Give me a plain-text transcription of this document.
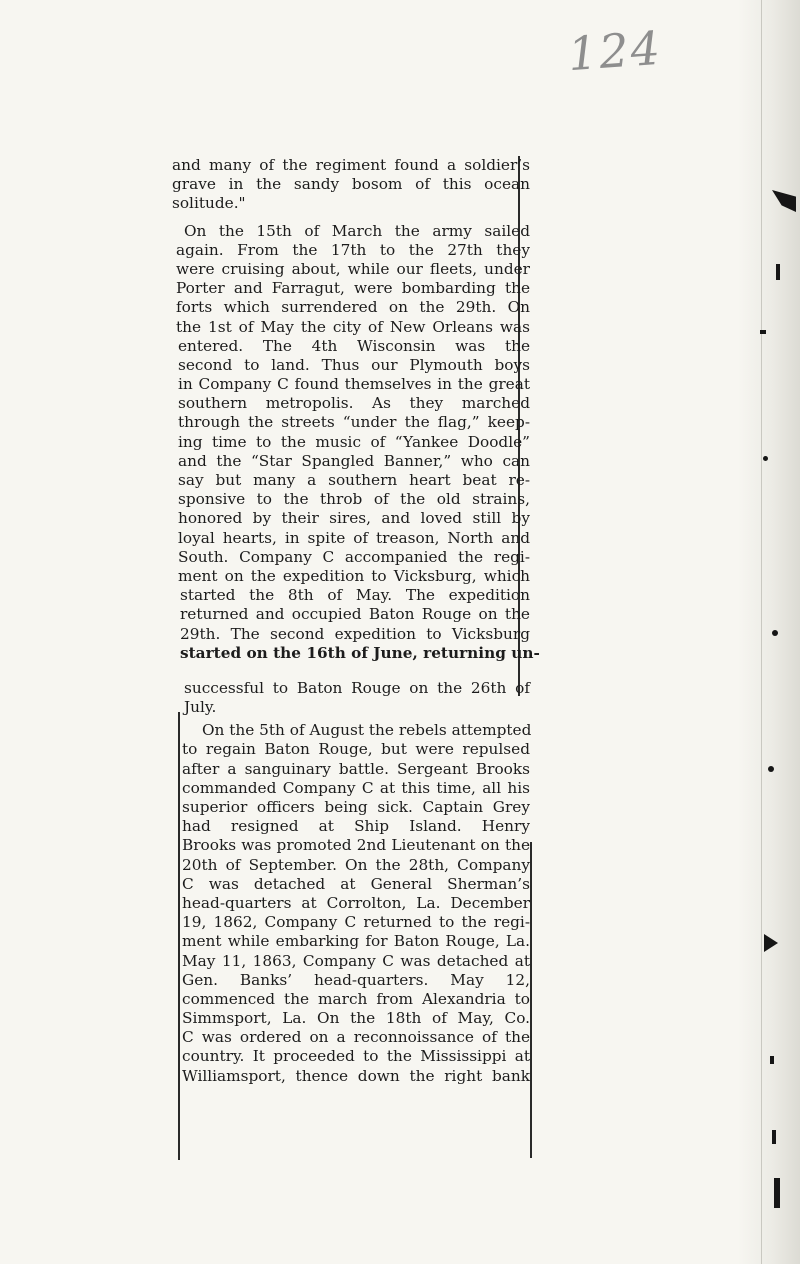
124
and many of the regiment found a soldier’s
grave in the sandy bosom of this ocean
solitude."
On the 15th of March the army sailed
again. From the 17th to the 27th they
were cruising about, while our fleets, under
Porter and Farragut, were bombarding the
forts which surrendered on the 29th. On
the 1st of May the city of New Orleans was
entered. The 4th Wisconsin was the
second to land. Thus our Plymouth boys
in Company C found themselves in the great
southern metropolis. As they marched
through the streets “under the flag,” keep-
ing time to the music of “Yankee Doodle”
and the “Star Spangled Banner,” who can
say but many a southern heart beat re-
sponsive to the throb of the old strains,
honored by their sires, and loved still by
loyal hearts, in spite of treason, North and
South. Company C accompanied the regi-
ment on the expedition to Vicksburg, which
started the 8th of May. The expedition
returned and occupied Baton Rouge on the
29th. The second expedition to Vicksburg
started on the 16th of June, returning un-
successful to Baton Rouge on the 26th of
July.
On the 5th of August the rebels attempted
to regain Baton Rouge, but were repulsed
after a sanguinary battle. Sergeant Brooks
commanded Company C at this time, all his
superior officers being sick. Captain Grey
had resigned at Ship Island. Henry
Brooks was promoted 2nd Lieutenant on the
20th of September. On the 28th, Company
C was detached at General Sherman’s
head-quarters at Corrolton, La. December
19, 1862, Company C returned to the regi-
ment while embarking for Baton Rouge, La.
May 11, 1863, Company C was detached at
Gen. Banks’ head-quarters. May 12,
commenced the march from Alexandria to
Simmsport, La. On the 18th of May, Co.
C was ordered on a reconnoissance of the
country. It proceeded to the Mississippi at
Williamsport, thence down the right bank
